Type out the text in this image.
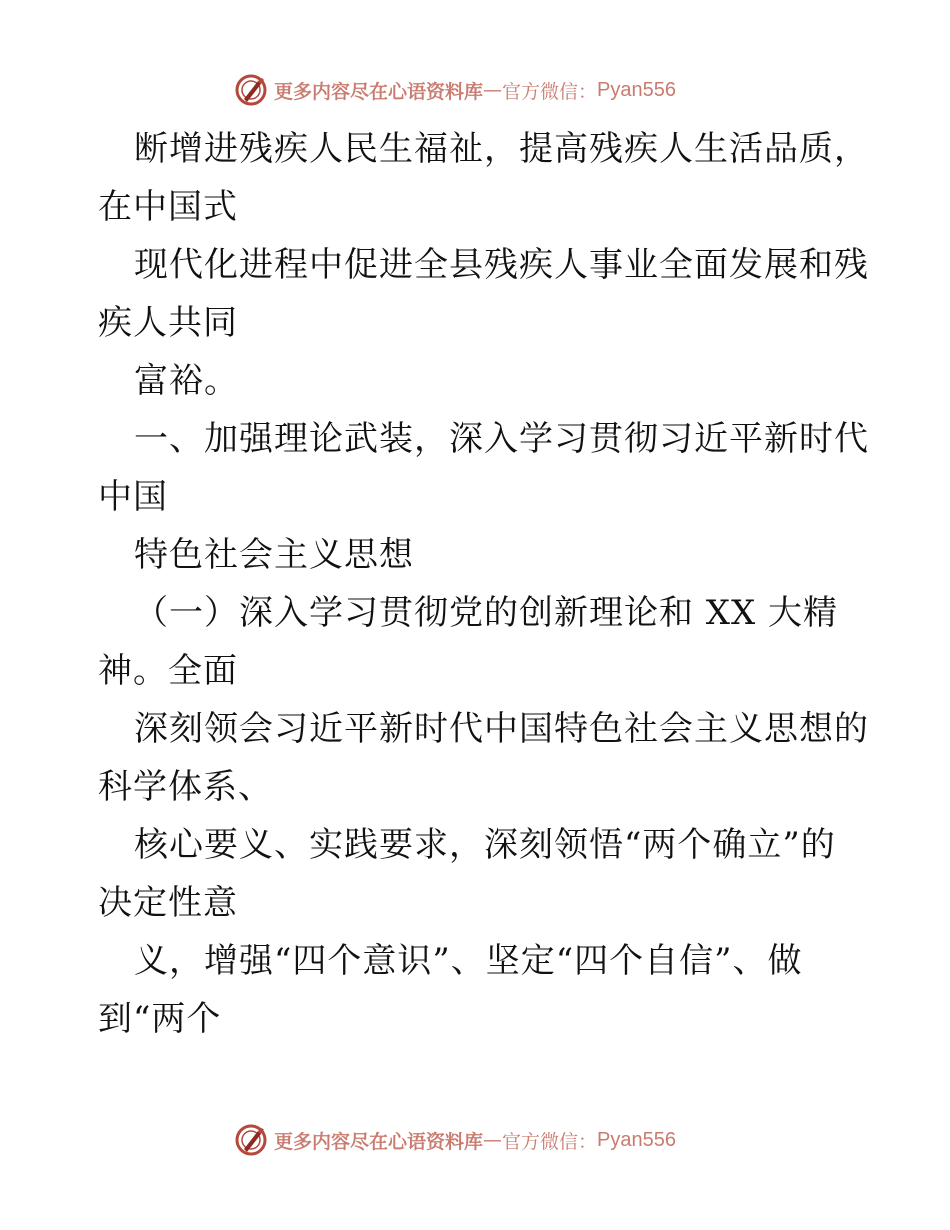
更多内容尽在心语资料库 — 官方微信： Pyan556
断增进残疾人民生福祉，提高残疾人生活品质，
在中国式
现代化进程中促进全县残疾人事业全面发展和残
疾人共同
富裕。
一、加强理论武装，深入学习贯彻习近平新时代
中国
特色社会主义思想
（一）深入学习贯彻党的创新理论和 XX 大精
神。全面
深刻领会习近平新时代中国特色社会主义思想的
科学体系、
核心要义、实践要求，深刻领悟“两个确立”的
决定性意
义，增强“四个意识”、坚定“四个自信”、做
到“两个
更多内容尽在心语资料库 — 官方微信： Pyan556
